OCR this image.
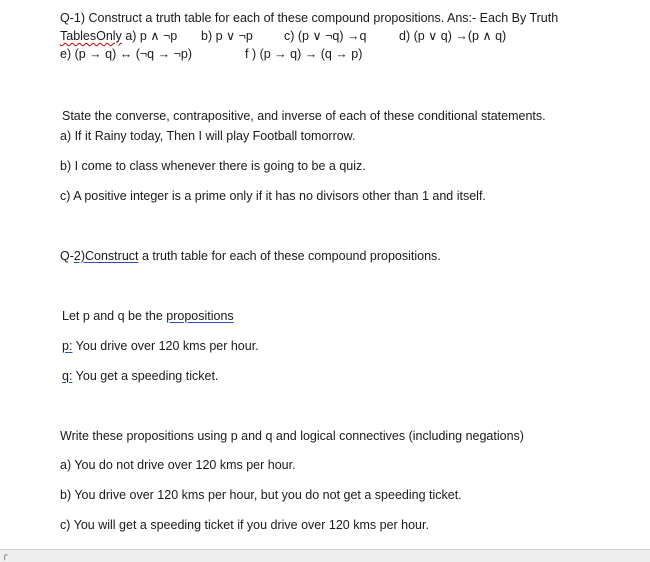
Q-1) Construct a truth table for each of these compound propositions. Ans:- Each By Truth
TablesOnly a) p ∧ ¬p b) p ∨ ¬p c) (p ∨ ¬q) →q	d) (p ∨ q) →(p ∧ q)
e) (p → q) ↔ (¬q → ¬p)	f ) (p → q) → (q → p)
State the converse, contrapositive, and inverse of each of these conditional statements.
a) If it Rainy today, Then I will play Football tomorrow.
b) I come to class whenever there is going to be a quiz.
c) A positive integer is a prime only if it has no divisors other than 1 and itself.
Q-2)Construct a truth table for each of these compound propositions.
Let p and q be the propositions
p: You drive over 120 kms per hour.
q: You get a speeding ticket.
Write these propositions using p and q and logical connectives (including negations)
a) You do not drive over 120 kms per hour.
b) You drive over 120 kms per hour, but you do not get a speeding ticket.
c) You will get a speeding ticket if you drive over 120 kms per hour.
╭
